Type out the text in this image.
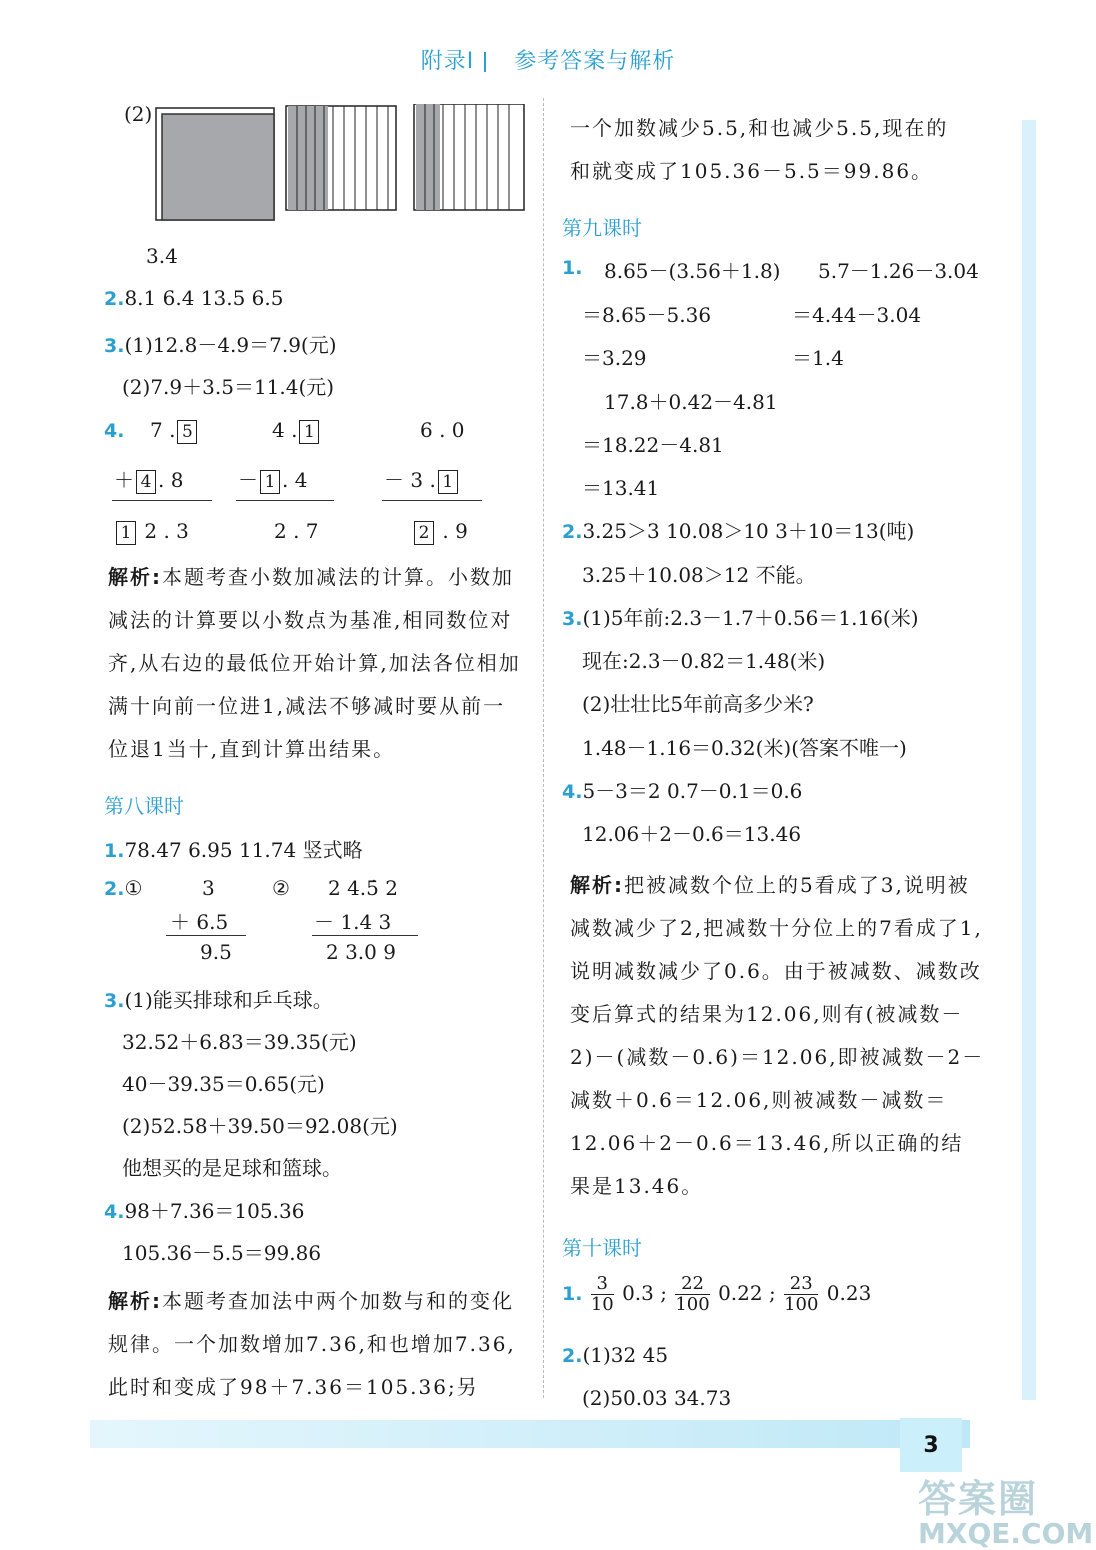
附录Ⅰ 参考答案与解析
(2)
3.4
2.8.1 6.4 13.5 6.5
3.(1)12.8－4.9＝7.9(元)
(2)7.9＋3.5＝11.4(元)
4. 7 . 5
＋ 4 . 8
1 2 . 3
4 . 1
－ 1 . 4
2 . 7
6 . 0
－ 3 . 1
2 . 9
解析:本题考查小数加减法的计算。小数加减法的计算要以小数点为基准,相同数位对齐,从右边的最低位开始计算,加法各位相加满十向前一位进1,减法不够减时要从前一位退1当十,直到计算出结果。
第八课时
1.78.47 6.95 11.74 竖式略
2.①	3
＋ 6.5
9.5
② 2 4.5̇ 2
－ 1.4 3
2 3.0 9
3.(1)能买排球和乒乓球。
32.52＋6.83＝39.35(元)
40－39.35＝0.65(元)
(2)52.58＋39.50＝92.08(元)
他想买的是足球和篮球。
4.98＋7.36＝105.36
105.36－5.5＝99.86
解析:本题考查加法中两个加数与和的变化规律。一个加数增加7.36,和也增加7.36,此时和变成了98＋7.36＝105.36;另
一个加数减少5.5,和也减少5.5,现在的
和就变成了105.36－5.5＝99.86。
第九课时
1. 8.65－(3.56＋1.8) 5.7－1.26－3.04
＝8.65－5.36	＝4.44－3.04
＝3.29	＝1.4
17.8＋0.42－4.81
＝18.22－4.81
＝13.41
2.3.25＞3 10.08＞10 3＋10＝13(吨)
3.25＋10.08＞12 不能。
3.(1)5年前:2.3－1.7＋0.56＝1.16(米)
现在:2.3－0.82＝1.48(米)
(2)壮壮比5年前高多少米?
1.48－1.16＝0.32(米)(答案不唯一)
4.5－3＝2 0.7－0.1＝0.6
12.06＋2－0.6＝13.46
解析:把被减数个位上的5看成了3,说明被减数减少了2,把减数十分位上的7看成了1,说明减数减少了0.6。由于被减数、减数改变后算式的结果为12.06,则有(被减数－2)－(减数－0.6)＝12.06,即被减数－2－减数＋0.6＝12.06,则被减数－减数＝12.06＋2－0.6＝13.46,所以正确的结果是13.46。
第十课时
1. $\frac{3}{10} 0.3$ ; $\frac{22}{100} 0.22$ ; $\frac{23}{100} 0.23$
2.(1)32 45
(2)50.03 34.73
3
答案圈
MXQE.COM
